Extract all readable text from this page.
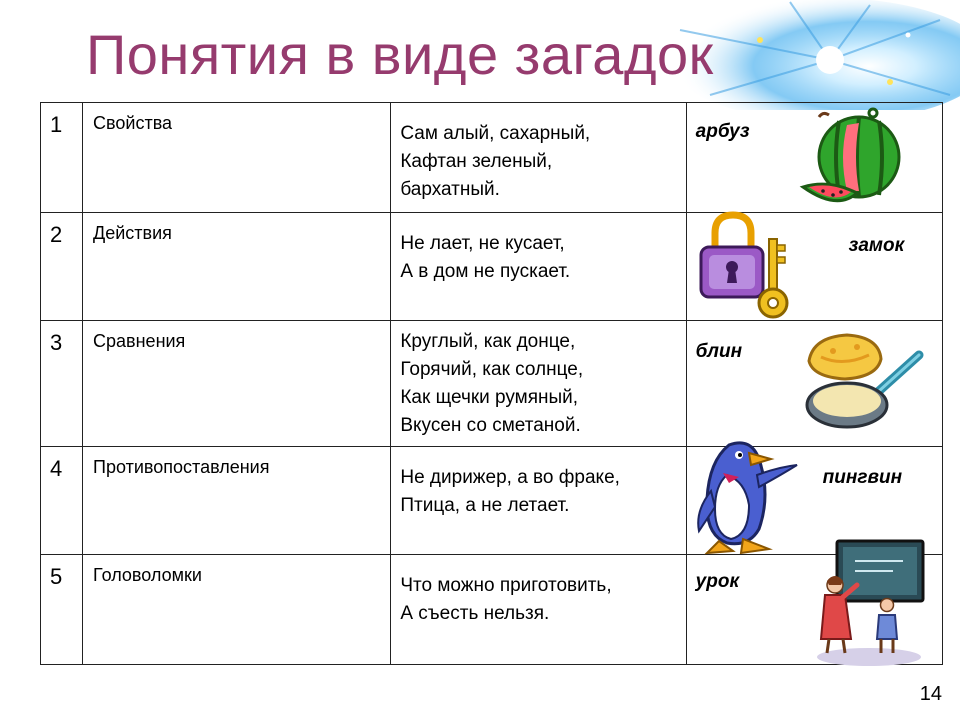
Понятия в виде загадок
1	Свойства	Сам алый, сахарный,
Кафтан зеленый,
бархатный.	арбуз

2	Действия	Не лает, не кусает,
А в дом не пускает.	замок

3	Сравнения	Круглый, как донце,
Горячий, как солнце,
Как щечки румяный,
Вкусен со сметаной.	блин

4	Противопоставления	Не дирижер, а во фраке,
Птица, а не летает.	пингвин

5	Головоломки	Что можно приготовить,
А съесть нельзя.	урок
14
